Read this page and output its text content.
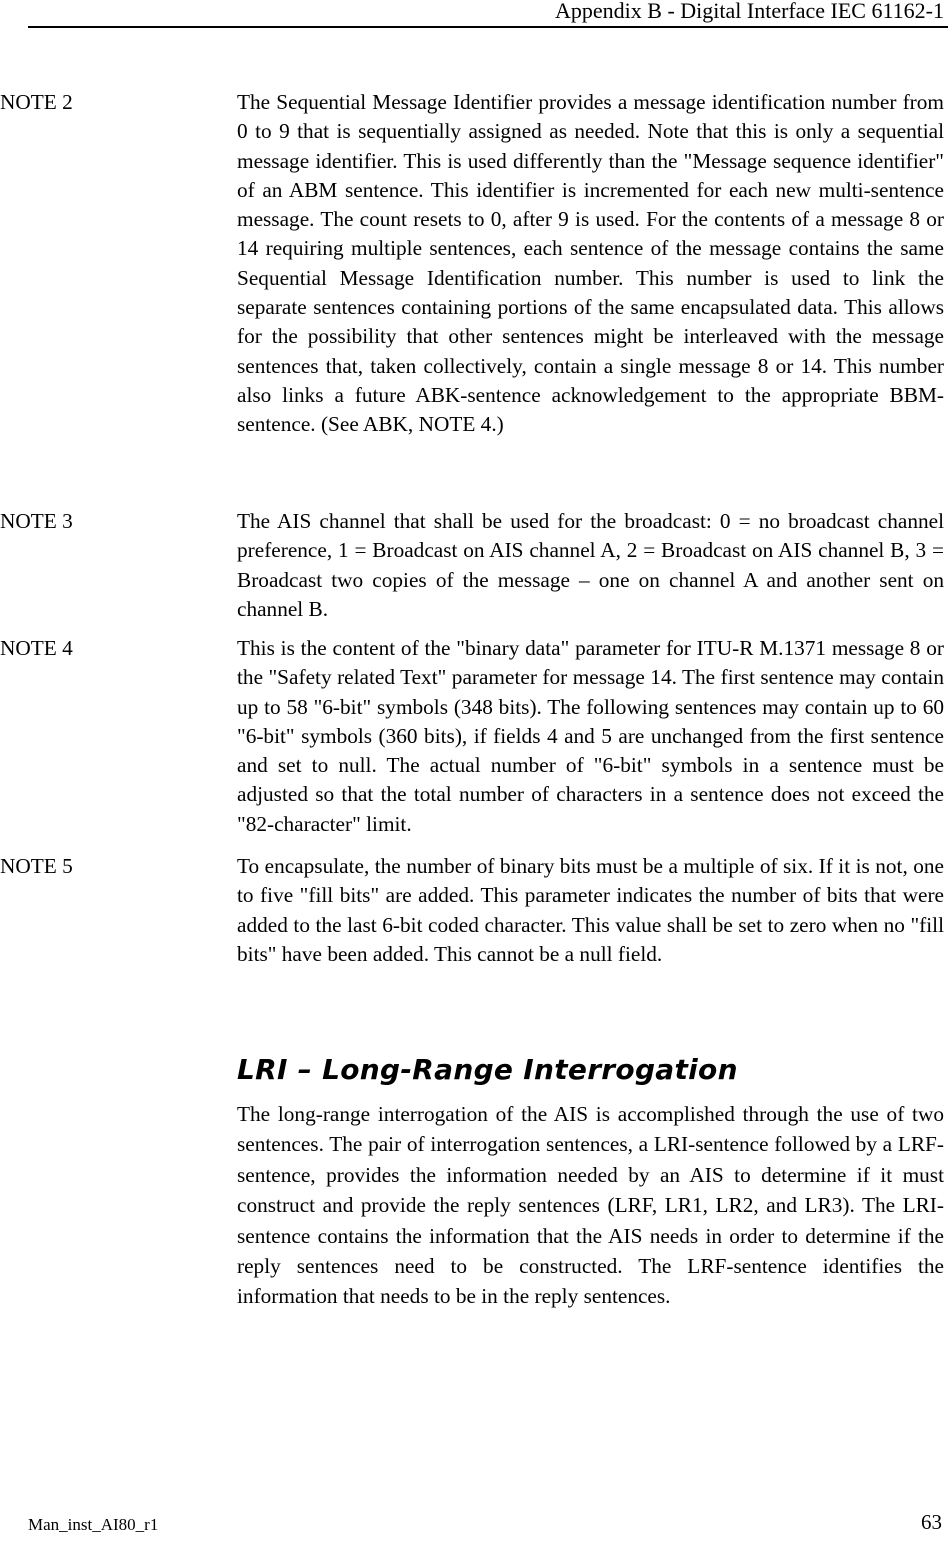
Appendix B - Digital Interface IEC 61162-1
NOTE 2	The Sequential Message Identifier provides a message identification number from 0 to 9 that is sequentially assigned as needed. Note that this is only a sequential message identifier. This is used differently than the "Message sequence identifier" of an ABM sentence. This identifier is incremented for each new multi-sentence message. The count resets to 0, after 9 is used. For the contents of a message 8 or 14 requiring multiple sentences, each sentence of the message contains the same Sequential Message Identification number. This number is used to link the separate sentences containing portions of the same encapsulated data. This allows for the possibility that other sentences might be interleaved with the message sentences that, taken collectively, contain a single message 8 or 14. This number also links a future ABK-sentence acknowledgement to the appropriate BBM-sentence. (See ABK, NOTE 4.)
NOTE 3	The AIS channel that shall be used for the broadcast: 0 = no broadcast channel preference, 1 = Broadcast on AIS channel A, 2 = Broadcast on AIS channel B, 3 = Broadcast two copies of the message – one on channel A and another sent on channel B.
NOTE 4	This is the content of the "binary data" parameter for ITU-R M.1371 message 8 or the "Safety related Text" parameter for message 14. The first sentence may contain up to 58 "6-bit" symbols (348 bits). The following sentences may contain up to 60 "6-bit" symbols (360 bits), if fields 4 and 5 are unchanged from the first sentence and set to null. The actual number of "6-bit" symbols in a sentence must be adjusted so that the total number of characters in a sentence does not exceed the "82-character" limit.
NOTE 5	To encapsulate, the number of binary bits must be a multiple of six. If it is not, one to five "fill bits" are added. This parameter indicates the number of bits that were added to the last 6-bit coded character. This value shall be set to zero when no "fill bits" have been added. This cannot be a null field.
LRI – Long-Range Interrogation
The long-range interrogation of the AIS is accomplished through the use of two sentences. The pair of interrogation sentences, a LRI-sentence followed by a LRF-sentence, provides the information needed by an AIS to determine if it must construct and provide the reply sentences (LRF, LR1, LR2, and LR3). The LRI-sentence contains the information that the AIS needs in order to determine if the reply sentences need to be constructed. The LRF-sentence identifies the information that needs to be in the reply sentences.
Man_inst_AI80_r1	63
